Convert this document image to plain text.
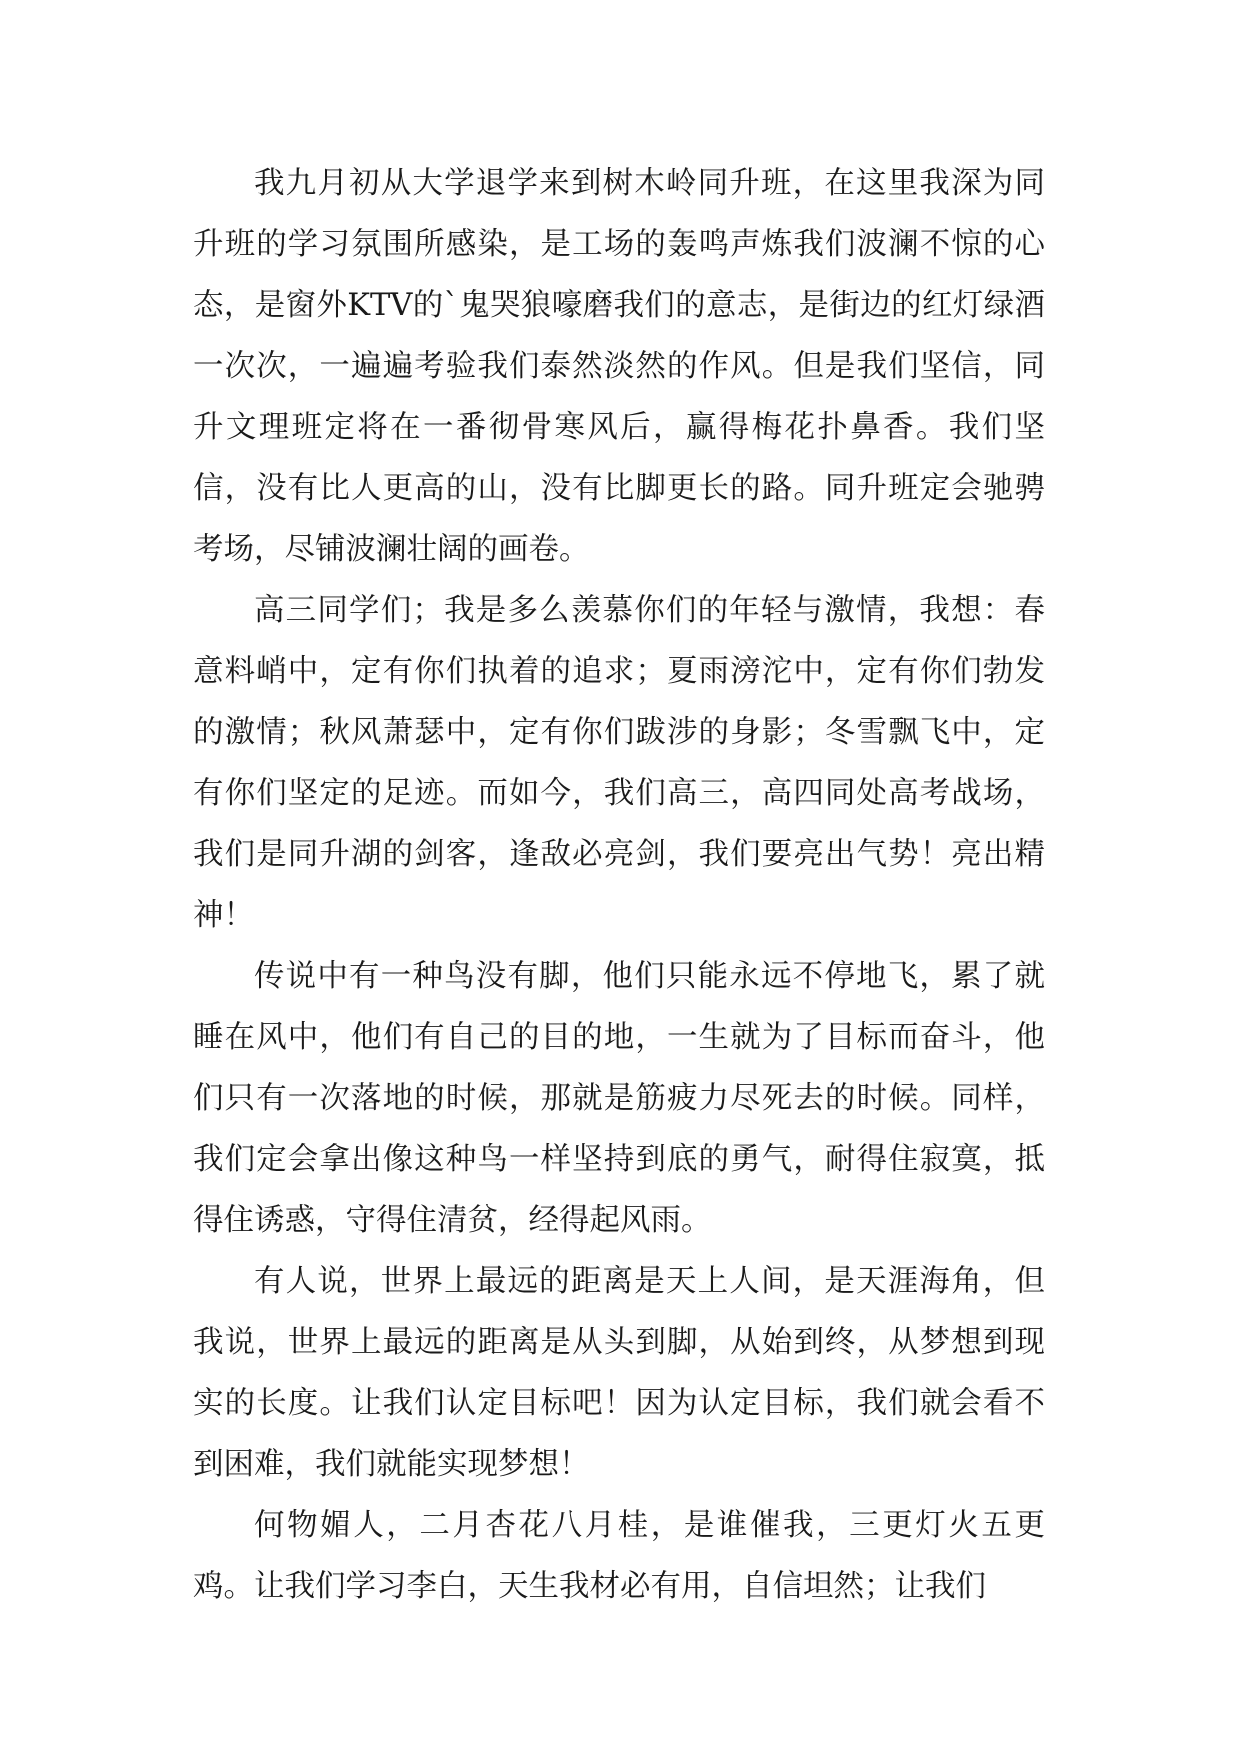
我九月初从大学退学来到树木岭同升班，在这里我深为同升班的学习氛围所感染，是工场的轰鸣声炼我们波澜不惊的心态，是窗外KTV的`鬼哭狼嚎磨我们的意志，是街边的红灯绿酒一次次，一遍遍考验我们泰然淡然的作风。但是我们坚信，同升文理班定将在一番彻骨寒风后，赢得梅花扑鼻香。我们坚信，没有比人更高的山，没有比脚更长的路。同升班定会驰骋考场，尽铺波澜壮阔的画卷。

高三同学们；我是多么羡慕你们的年轻与激情，我想：春意料峭中，定有你们执着的追求；夏雨滂沱中，定有你们勃发的激情；秋风萧瑟中，定有你们跋涉的身影；冬雪飘飞中，定有你们坚定的足迹。而如今，我们高三，高四同处高考战场，我们是同升湖的剑客，逢敌必亮剑，我们要亮出气势！亮出精神！

传说中有一种鸟没有脚，他们只能永远不停地飞，累了就睡在风中，他们有自己的目的地，一生就为了目标而奋斗，他们只有一次落地的时候，那就是筋疲力尽死去的时候。同样，我们定会拿出像这种鸟一样坚持到底的勇气，耐得住寂寞，抵得住诱惑，守得住清贫，经得起风雨。

有人说，世界上最远的距离是天上人间，是天涯海角，但我说，世界上最远的距离是从头到脚，从始到终，从梦想到现实的长度。让我们认定目标吧！因为认定目标，我们就会看不到困难，我们就能实现梦想！

何物媚人，二月杏花八月桂，是谁催我，三更灯火五更鸡。让我们学习李白，天生我材必有用，自信坦然；让我们
